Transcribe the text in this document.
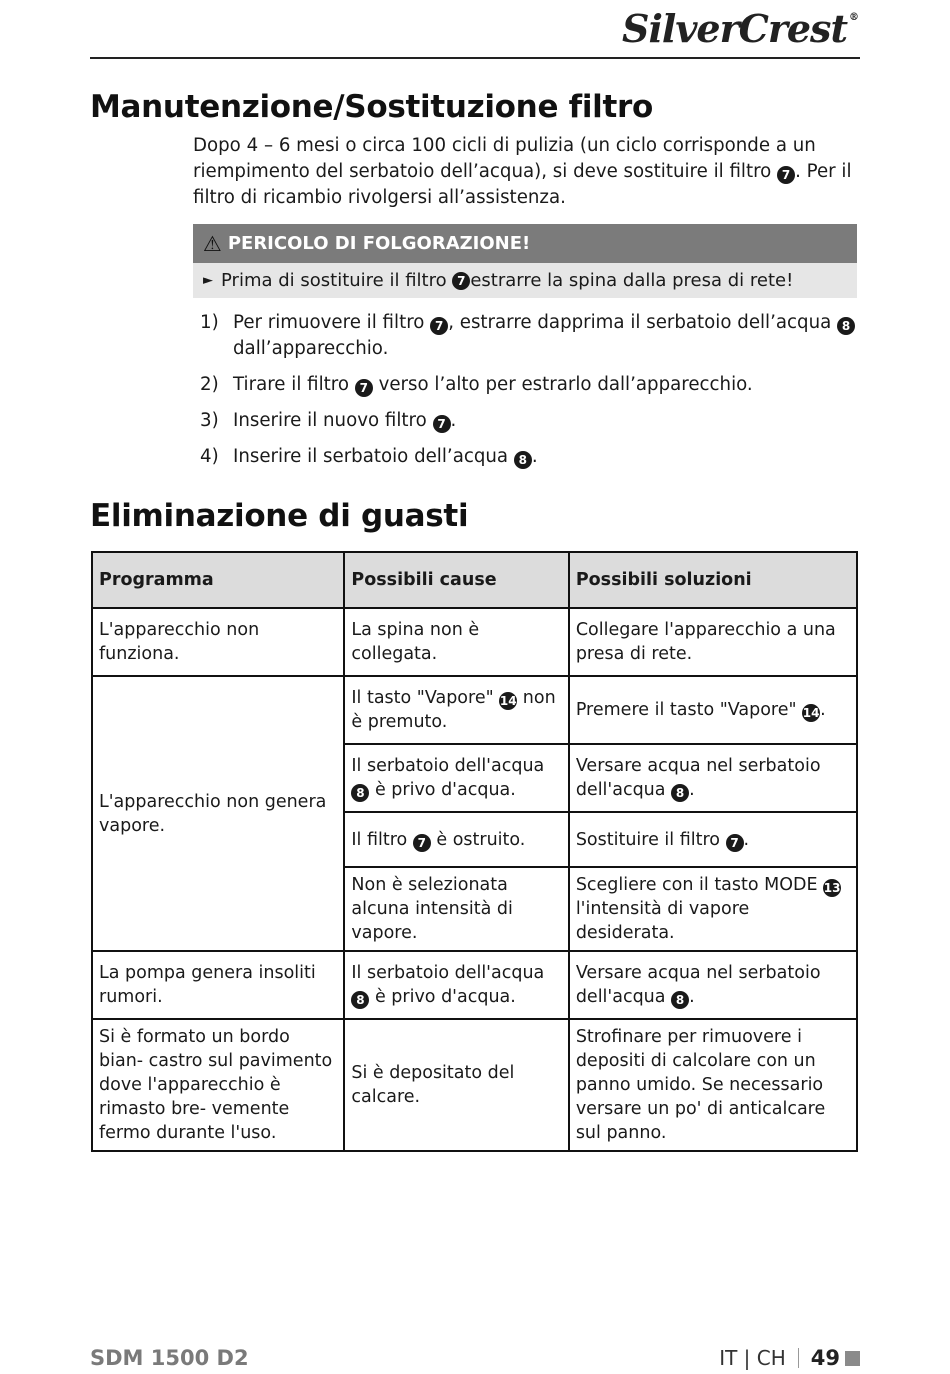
SilverCrest ®
Manutenzione/Sostituzione filtro

Dopo 4 – 6 mesi o circa 100 cicli di pulizia (un ciclo corrisponde a un riempimento del serbatoio dell’acqua), si deve sostituire il filtro 7 . Per il filtro di ricambio rivolgersi all’assistenza.

⚠ PERICOLO DI FOLGORAZIONE!
► Prima di sostituire il filtro
7 estrarre la spina dalla presa di rete!
1) Per rimuovere il filtro 7 , estrarre dapprima il serbatoio dell’acqua 8 dall’apparecchio.
2) Tirare il filtro 7 verso l’alto per estrarlo dall’apparecchio.
3) Inserire il nuovo filtro 7 .
4) Inserire il serbatoio dell’acqua 8 .
Eliminazione di guasti
Programma	Possibili cause	Possibili soluzioni
L'apparecchio non funziona.	La spina non è collegata.	Collegare l'apparecchio a una presa di rete.
L'apparecchio non genera vapore.	Il tasto "Vapore" 14 non è premuto.	Premere il tasto "Vapore" 14.
	Il serbatoio dell'acqua 8 è privo d'acqua.	Versare acqua nel serbatoio dell'acqua 8 .
	Il filtro 7 è ostruito.	Sostituire il filtro 7 .
	Non è selezionata alcuna intensità di vapore.	Scegliere con il tasto MODE 13 l'intensità di vapore desiderata.
La pompa genera insoliti rumori.	Il serbatoio dell'acqua 8 è privo d'acqua.	Versare acqua nel serbatoio dell'acqua 8 .
Si è formato un bordo bian- castro sul pavimento dove l'apparecchio è rimasto bre- vemente fermo durante l'uso.	Si è depositato del calcare.	Strofinare per rimuovere i depositi di calcolare con un panno umido. Se necessario versare un po' di anticalcare sul panno.
SDM 1500 D2	IT | CH 49
